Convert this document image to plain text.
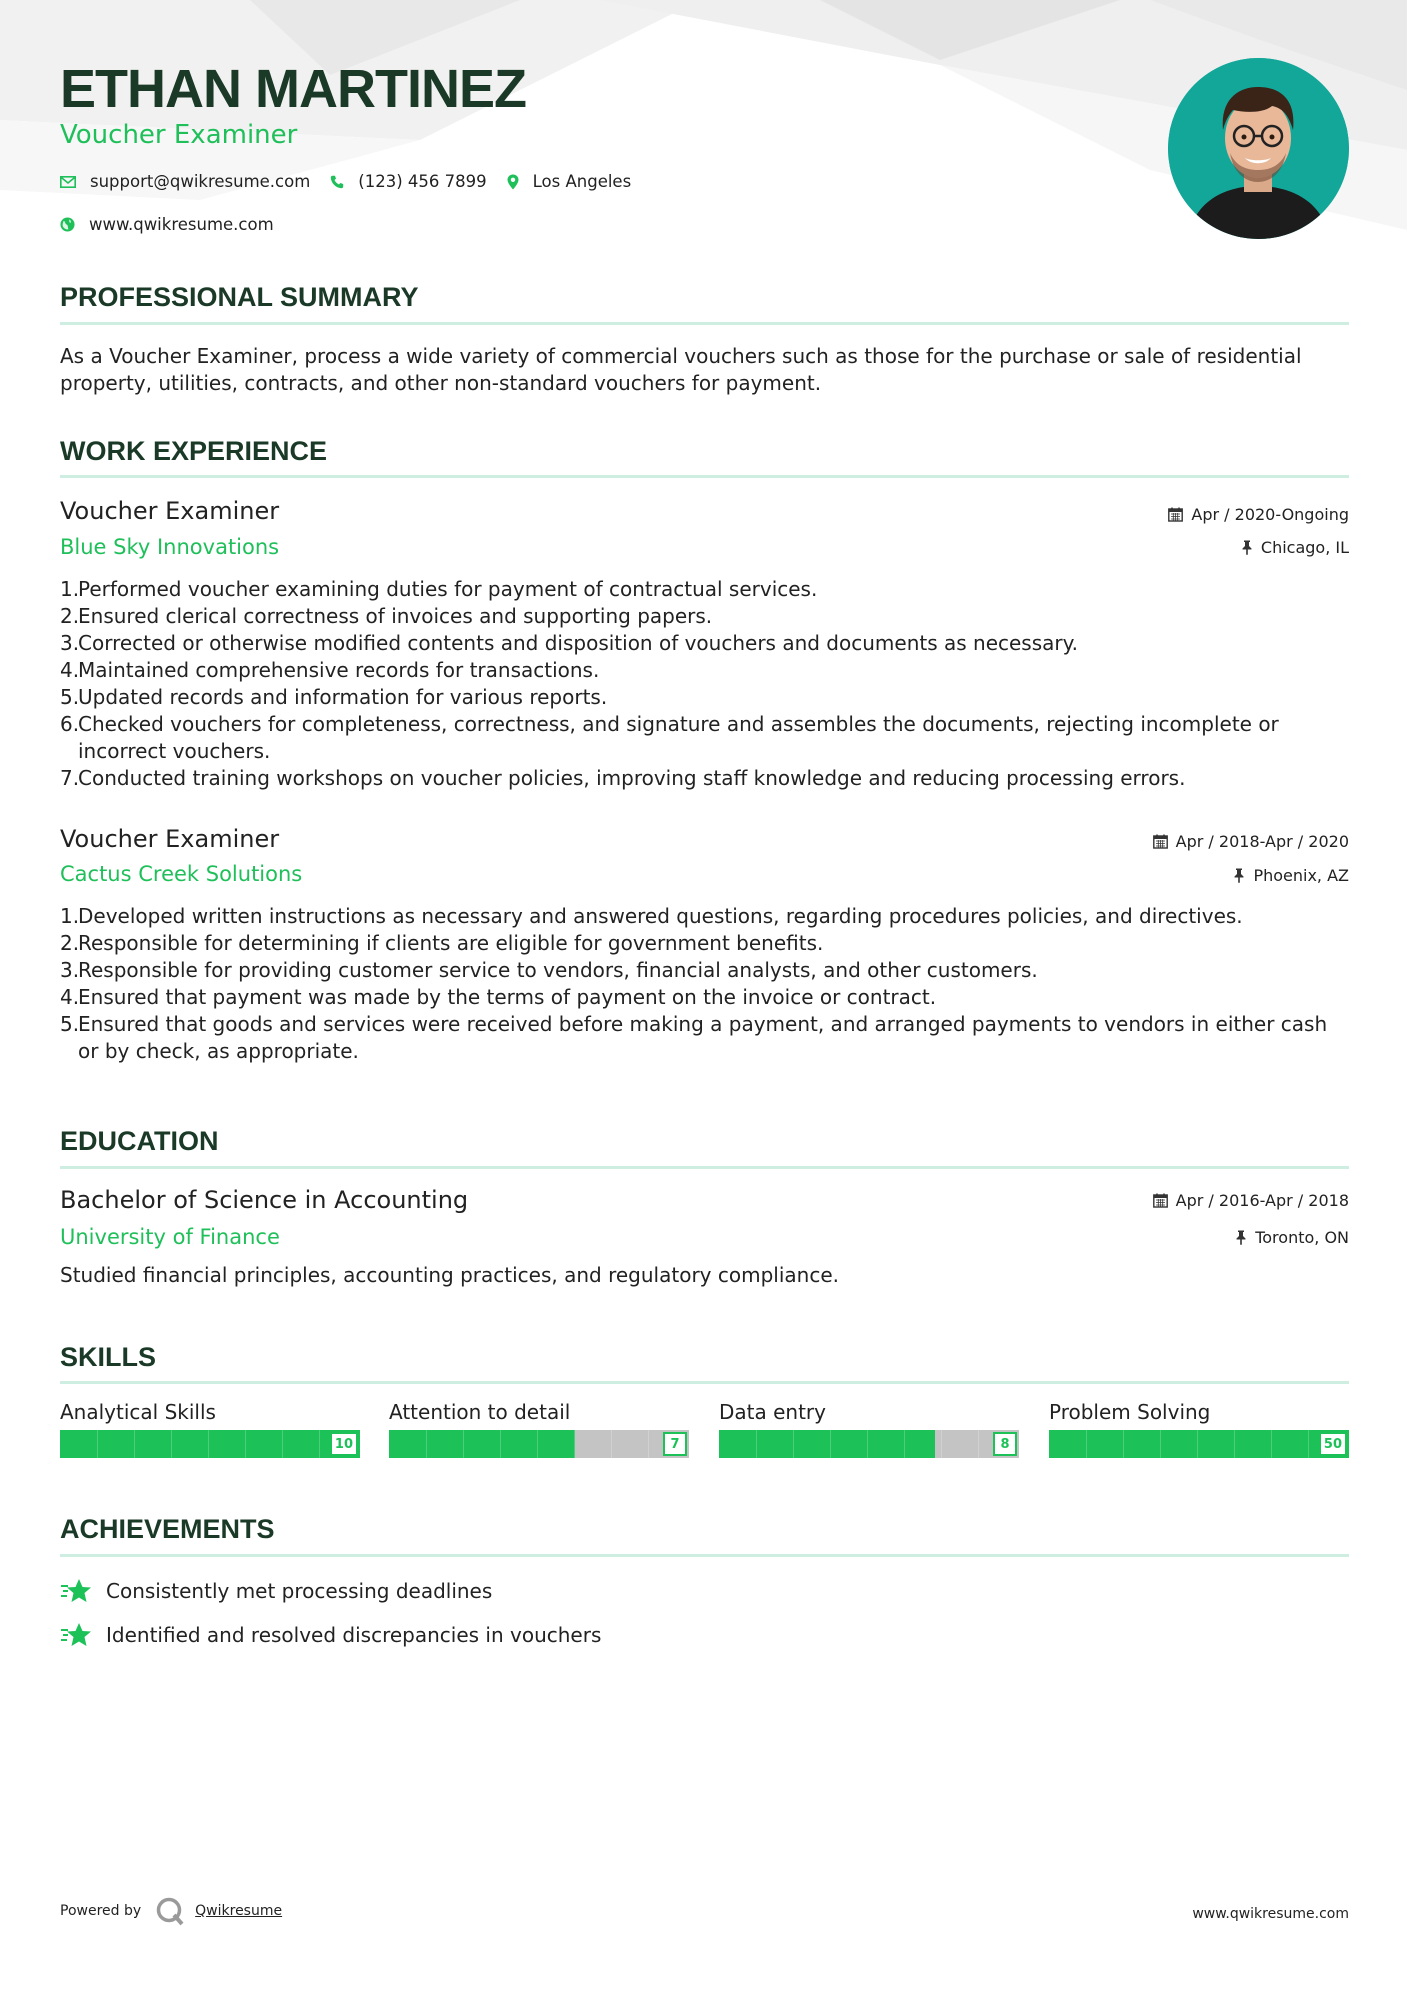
ETHAN MARTINEZ
Voucher Examiner
support@qwikresume.com	(123) 456 7899	Los Angeles
www.qwikresume.com
PROFESSIONAL SUMMARY
As a Voucher Examiner, process a wide variety of commercial vouchers such as those for the purchase or sale of residential property, utilities, contracts, and other non-standard vouchers for payment.
WORK EXPERIENCE
Voucher Examiner	Apr / 2020-Ongoing
Blue Sky Innovations	Chicago, IL
1.
Performed voucher examining duties for payment of contractual services.
2.
Ensured clerical correctness of invoices and supporting papers.
3.
Corrected or otherwise modified contents and disposition of vouchers and documents as necessary.
4.
Maintained comprehensive records for transactions.
5.
Updated records and information for various reports.
6.
Checked vouchers for completeness, correctness, and signature and assembles the documents, rejecting incomplete or incorrect vouchers.
7.
Conducted training workshops on voucher policies, improving staff knowledge and reducing processing errors.
Voucher Examiner	Apr / 2018-Apr / 2020
Cactus Creek Solutions	Phoenix, AZ
1.
Developed written instructions as necessary and answered questions, regarding procedures policies, and directives.
2.
Responsible for determining if clients are eligible for government benefits.
3.
Responsible for providing customer service to vendors, financial analysts, and other customers.
4.
Ensured that payment was made by the terms of payment on the invoice or contract.
5.
Ensured that goods and services were received before making a payment, and arranged payments to vendors in either cash or by check, as appropriate.
EDUCATION
Bachelor of Science in Accounting	Apr / 2016-Apr / 2018
University of Finance	Toronto, ON
Studied financial principles, accounting practices, and regulatory compliance.
SKILLS
Analytical Skills
10
Attention to detail
7
Data entry
8
Problem Solving
50
ACHIEVEMENTS
Consistently met processing deadlines
Identified and resolved discrepancies in vouchers
Powered by	Qwikresume	www.qwikresume.com
